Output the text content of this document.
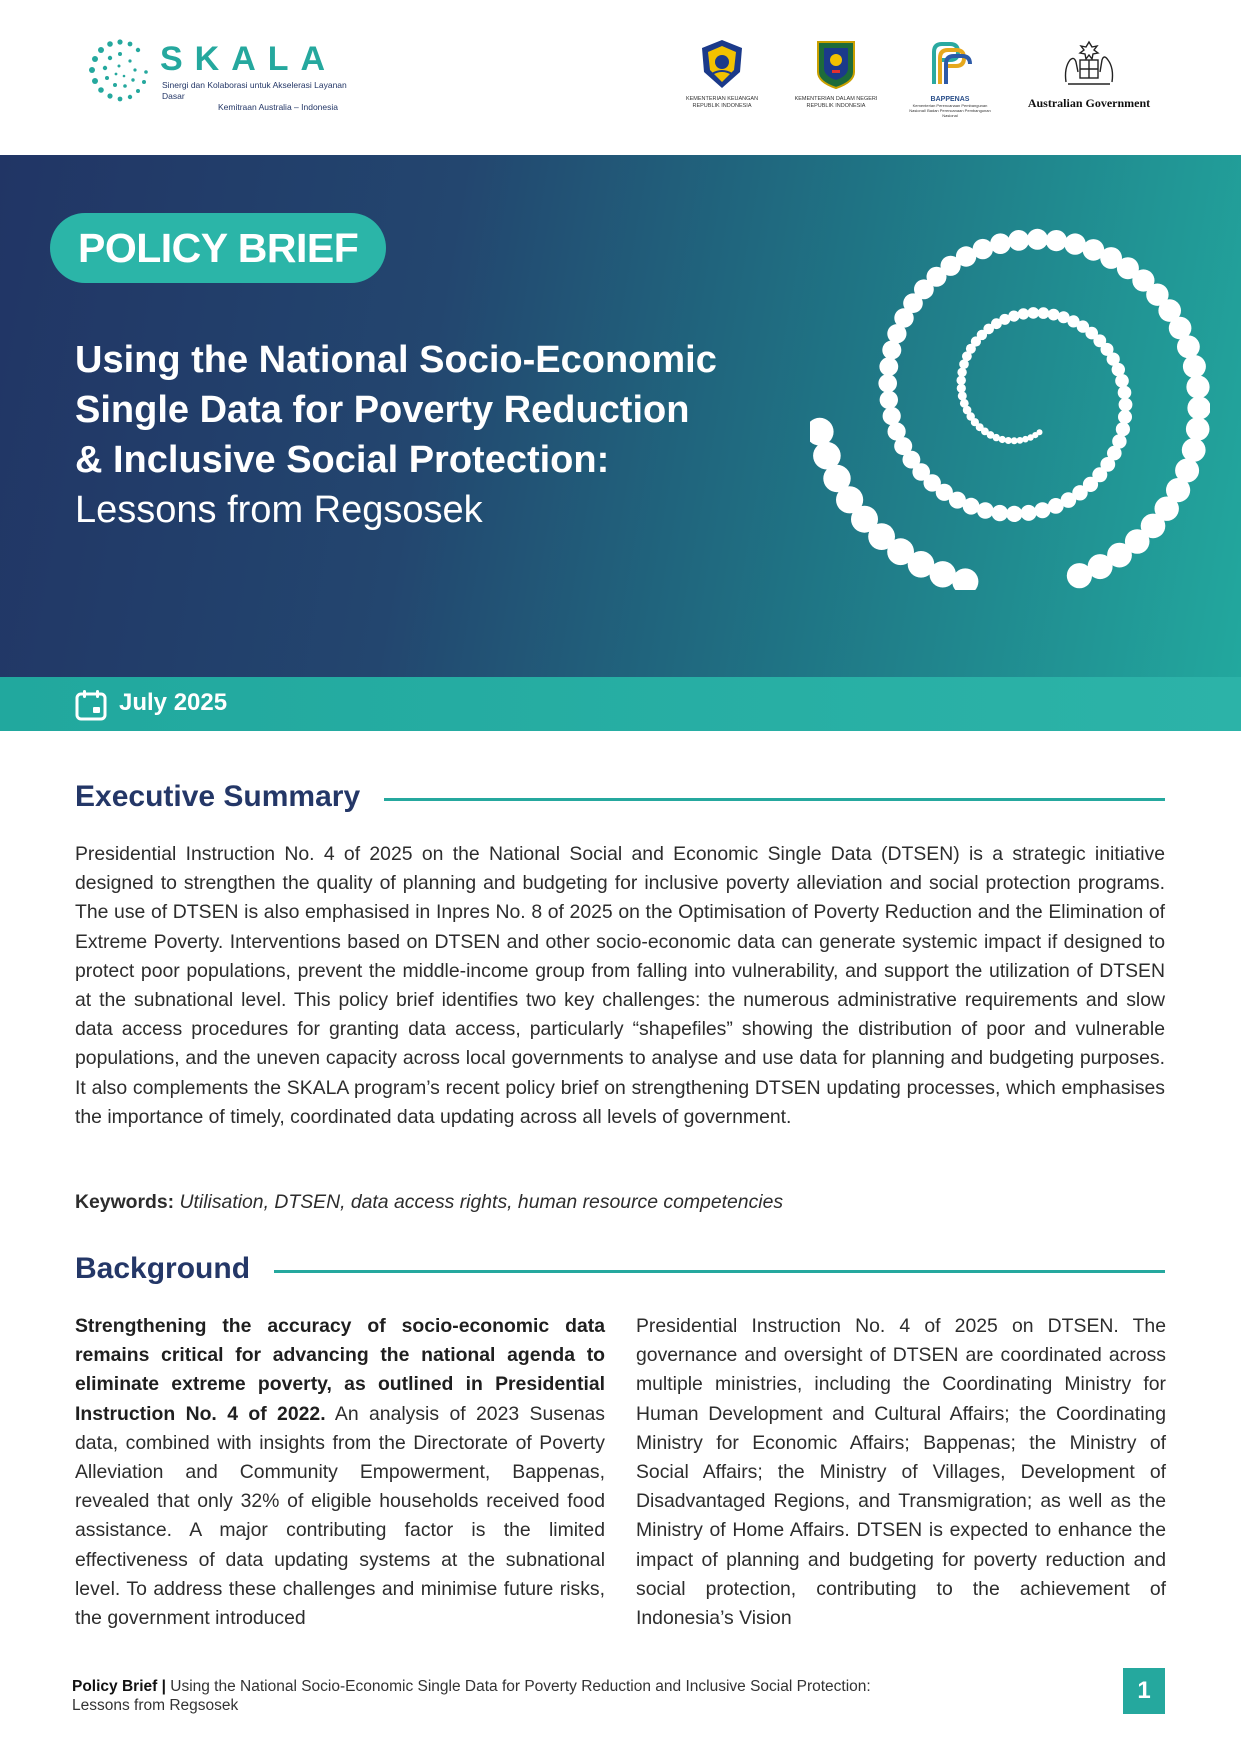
SKALA
Sinergi dan Kolaborasi untuk Akselerasi Layanan Dasar
Kemitraan Australia – Indonesia
KEMENTERIAN KEUANGAN
REPUBLIK INDONESIA
KEMENTERIAN DALAM NEGERI
REPUBLIK INDONESIA
BAPPENAS
Kementerian Perencanaan Pembangunan Nasional/ Badan Perencanaan Pembangunan Nasional
Australian Government
POLICY BRIEF
Using the National Socio-Economic
Single Data for Poverty Reduction
& Inclusive Social Protection:
Lessons from Regsosek
July 2025
Executive Summary

Presidential Instruction No. 4 of 2025 on the National Social and Economic Single Data (DTSEN) is a strategic initiative designed to strengthen the quality of planning and budgeting for inclusive poverty alleviation and social protection programs. The use of DTSEN is also emphasised in Inpres No. 8 of 2025 on the Optimisation of Poverty Reduction and the Elimination of Extreme Poverty. Interventions based on DTSEN and other socio-economic data can generate systemic impact if designed to protect poor populations, prevent the middle-income group from falling into vulnerability, and support the utilization of DTSEN at the subnational level. This policy brief identifies two key challenges: the numerous administrative requirements and slow data access procedures for granting data access, particularly “shapefiles” showing the distribution of poor and vulnerable populations, and the uneven capacity across local governments to analyse and use data for planning and budgeting purposes. It also complements the SKALA program’s recent policy brief on strengthening DTSEN updating processes, which emphasises the importance of timely, coordinated data updating across all levels of government.

Keywords: Utilisation, DTSEN, data access rights, human resource competencies
Background

Strengthening the accuracy of socio-economic data remains critical for advancing the national agenda to eliminate extreme poverty, as outlined in Presidential Instruction No. 4 of 2022. An analysis of 2023 Susenas data, combined with insights from the Directorate of Poverty Alleviation and Community Empowerment, Bappenas, revealed that only 32% of eligible households received food assistance. A major contributing factor is the limited effectiveness of data updating systems at the subnational level. To address these challenges and minimise future risks, the government introduced

Presidential Instruction No. 4 of 2025 on DTSEN. The governance and oversight of DTSEN are coordinated across multiple ministries, including the Coordinating Ministry for Human Development and Cultural Affairs; the Coordinating Ministry for Economic Affairs; Bappenas; the Ministry of Social Affairs; the Ministry of Villages, Development of Disadvantaged Regions, and Transmigration; as well as the Ministry of Home Affairs. DTSEN is expected to enhance the impact of planning and budgeting for poverty reduction and social protection, contributing to the achievement of Indonesia’s Vision

Policy Brief | Using the National Socio-Economic Single Data for Poverty Reduction and Inclusive Social Protection:
Lessons from Regsosek
1
